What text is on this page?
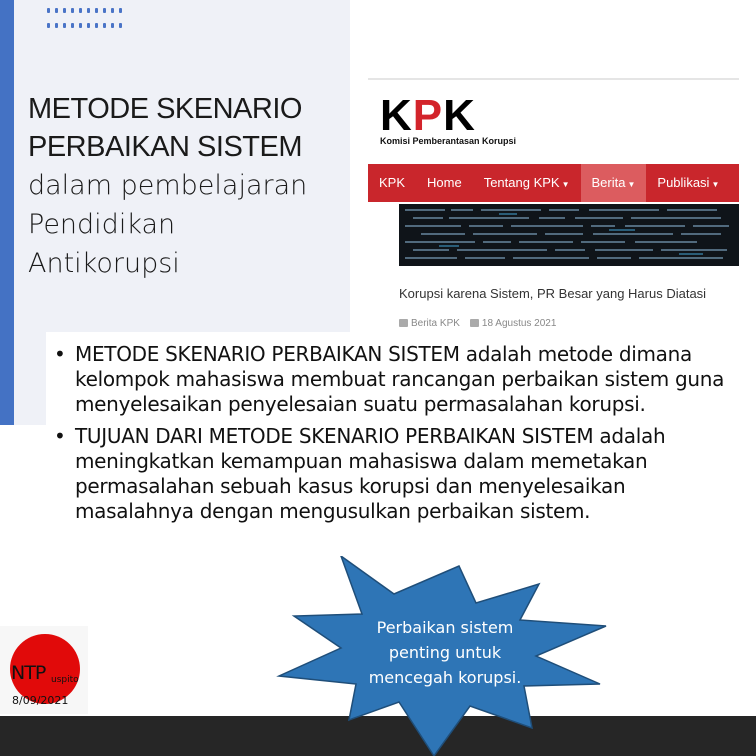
METODE SKENARIO
PERBAIKAN SISTEM
dalam pembelajaran
Pendidikan
Antikorupsi
KPK
Komisi Pemberantasan Korupsi
KPK	Home	Tentang KPK ▼	Berita ▼	Publikasi ▼
Korupsi karena Sistem, PR Besar yang Harus Diatasi
Berita KPK	18 Agustus 2021
• METODE SKENARIO PERBAIKAN SISTEM adalah metode dimana kelompok mahasiswa membuat rancangan perbaikan sistem guna menyelesaikan penyelesaian suatu permasalahan korupsi.
• TUJUAN DARI METODE SKENARIO PERBAIKAN SISTEM adalah meningkatkan kemampuan mahasiswa dalam memetakan permasalahan sebuah kasus korupsi dan menyelesaikan masalahnya dengan mengusulkan perbaikan sistem.
NTP uspito
8/09/2021
Perbaikan sistem
penting untuk
mencegah korupsi.
